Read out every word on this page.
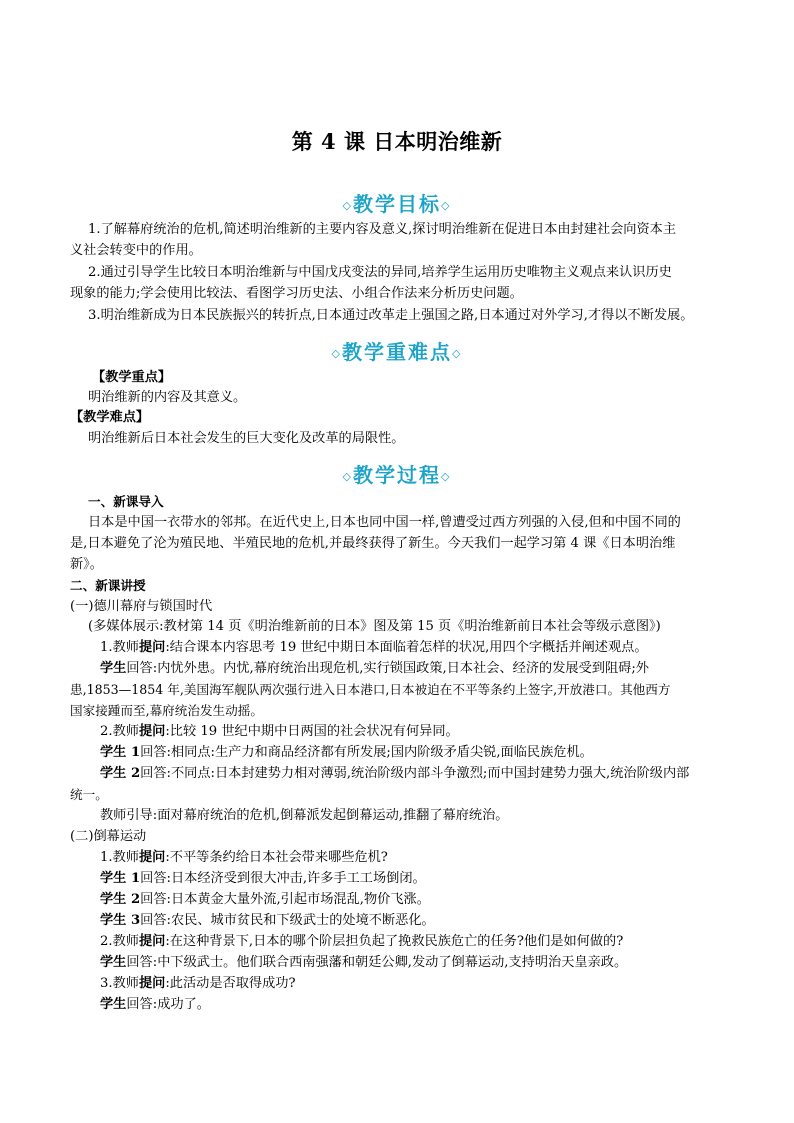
第 4 课 日本明治维新
◇教学目标◇
1.了解幕府统治的危机,简述明治维新的主要内容及意义,探讨明治维新在促进日本由封建社会向资本主
义社会转变中的作用。
2.通过引导学生比较日本明治维新与中国戊戌变法的异同,培养学生运用历史唯物主义观点来认识历史
现象的能力;学会使用比较法、看图学习历史法、小组合作法来分析历史问题。
3.明治维新成为日本民族振兴的转折点,日本通过改革走上强国之路,日本通过对外学习,才得以不断发展。
◇教学重难点◇
【教学重点】
明治维新的内容及其意义。
【教学难点】
明治维新后日本社会发生的巨大变化及改革的局限性。
◇教学过程◇
一、新课导入
日本是中国一衣带水的邻邦。在近代史上,日本也同中国一样,曾遭受过西方列强的入侵,但和中国不同的
是,日本避免了沦为殖民地、半殖民地的危机,并最终获得了新生。今天我们一起学习第 4 课《日本明治维
新》。
二、新课讲授
(一)德川幕府与锁国时代
(多媒体展示:教材第 14 页《明治维新前的日本》图及第 15 页《明治维新前日本社会等级示意图》)
1.教师提问:结合课本内容思考 19 世纪中期日本面临着怎样的状况,用四个字概括并阐述观点。
学生回答:内忧外患。内忧,幕府统治出现危机,实行锁国政策,日本社会、经济的发展受到阻碍;外
患,1853—1854 年,美国海军舰队两次强行进入日本港口,日本被迫在不平等条约上签字,开放港口。其他西方
国家接踵而至,幕府统治发生动摇。
2.教师提问:比较 19 世纪中期中日两国的社会状况有何异同。
学生 1回答:相同点:生产力和商品经济都有所发展;国内阶级矛盾尖锐,面临民族危机。
学生 2回答:不同点:日本封建势力相对薄弱,统治阶级内部斗争激烈;而中国封建势力强大,统治阶级内部
统一。
教师引导:面对幕府统治的危机,倒幕派发起倒幕运动,推翻了幕府统治。
(二)倒幕运动
1.教师提问:不平等条约给日本社会带来哪些危机?
学生 1回答:日本经济受到很大冲击,许多手工工场倒闭。
学生 2回答:日本黄金大量外流,引起市场混乱,物价飞涨。
学生 3回答:农民、城市贫民和下级武士的处境不断恶化。
2.教师提问:在这种背景下,日本的哪个阶层担负起了挽救民族危亡的任务?他们是如何做的?
学生回答:中下级武士。他们联合西南强藩和朝廷公卿,发动了倒幕运动,支持明治天皇亲政。
3.教师提问:此活动是否取得成功?
学生回答:成功了。
